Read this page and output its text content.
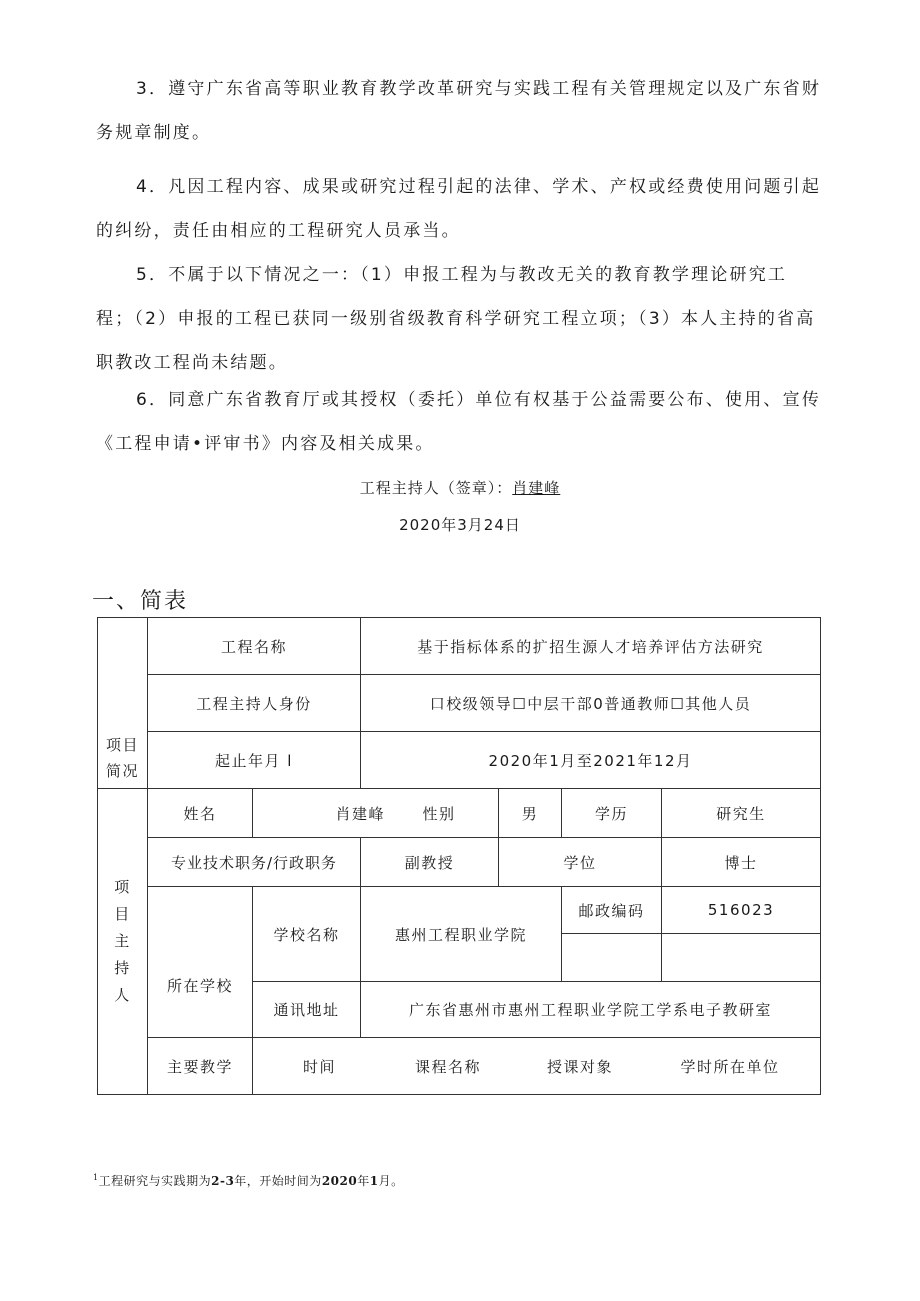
3．遵守广东省高等职业教育教学改革研究与实践工程有关管理规定以及广东省财务规章制度。

4．凡因工程内容、成果或研究过程引起的法律、学术、产权或经费使用问题引起的纠纷，责任由相应的工程研究人员承当。

5．不属于以下情况之一：（1）申报工程为与教改无关的教育教学理论研究工程；（2）申报的工程已获同一级别省级教育科学研究工程立项；（3）本人主持的省高职教改工程尚未结题。

6．同意广东省教育厅或其授权（委托）单位有权基于公益需要公布、使用、宣传《工程申请•评审书》内容及相关成果。

工程主持人（签章）：肖建峰
2020年3月24日
一、简表
项目简况	工程名称		基于指标体系的扩招生源人才培养评估方法研究			
	工程主持人身份		口校级领导☐中层干部0普通教师☐其他人员			
	起止年月 l		2020年1月至2021年12月			

项
目
主
持
人	姓名	肖建峰 性别		男	学历	研究生
	专业技术职务/行政职务		副教授	学位		博士
	所在学校	学校名称	惠州工程职业学院		邮政编码	516023

		通讯地址	广东省惠州市惠州工程职业学院工学系电子教研室			
	主要教学	时间 课程名称 授课对象 学时所在单位				
$^1$工程研究与实践期为2-3年，开始时间为2020年1月。
